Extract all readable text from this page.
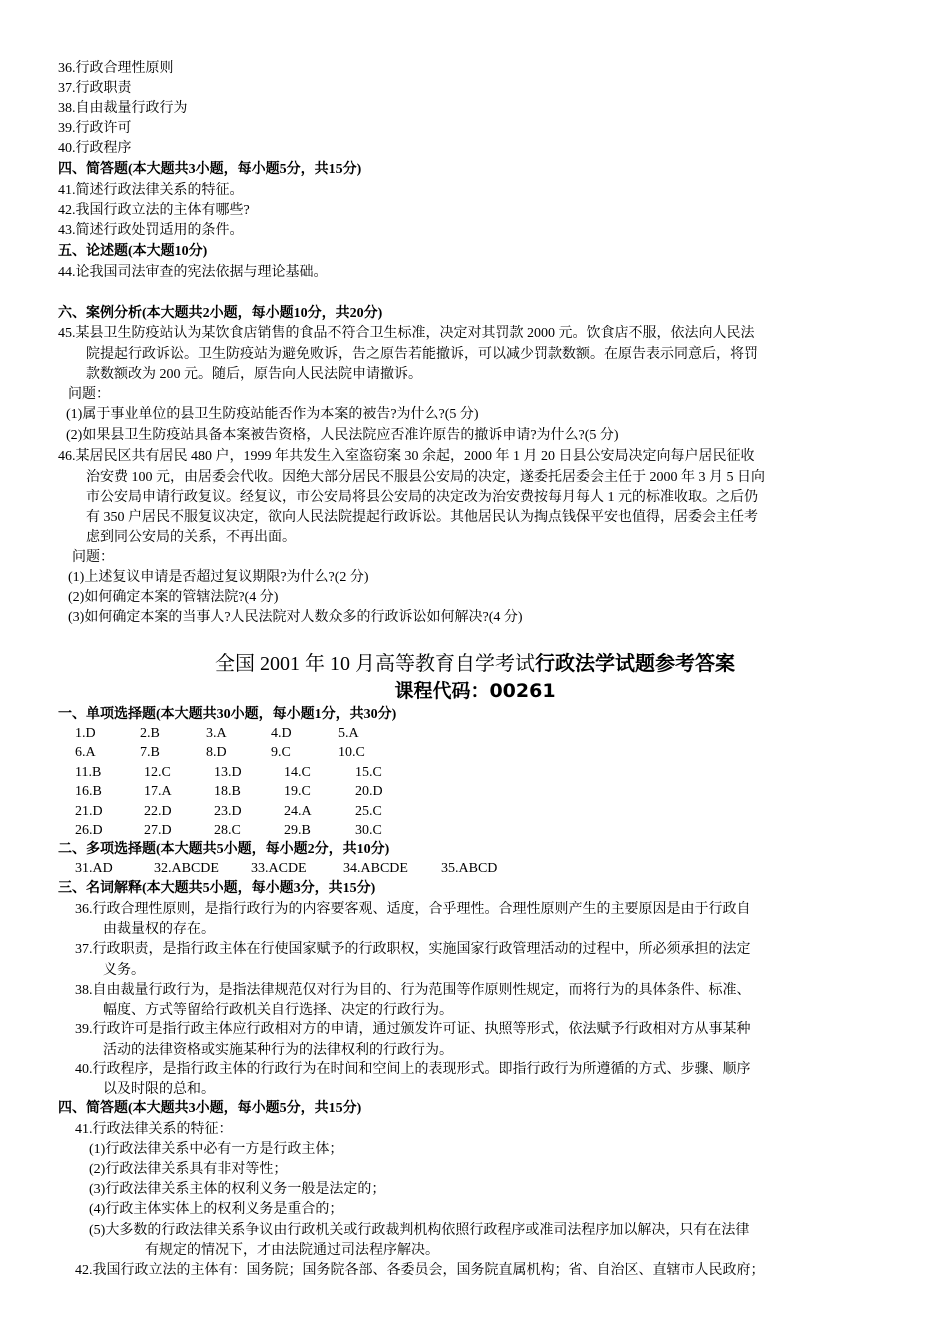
36.行政合理性原则
37.行政职责
38.自由裁量行政行为
39.行政许可
40.行政程序
四、简答题(本大题共3小题，每小题5分，共15分)
41.简述行政法律关系的特征。
42.我国行政立法的主体有哪些?
43.简述行政处罚适用的条件。
五、论述题(本大题10分)
44.论我国司法审查的宪法依据与理论基础。
六、案例分析(本大题共2小题，每小题10分，共20分)
45.某县卫生防疫站认为某饮食店销售的食品不符合卫生标准，决定对其罚款 2000 元。饮食店不服，依法向人民法
院提起行政诉讼。卫生防疫站为避免败诉，告之原告若能撤诉，可以减少罚款数额。在原告表示同意后，将罚
款数额改为 200 元。随后，原告向人民法院申请撤诉。
问题：
(1)属于事业单位的县卫生防疫站能否作为本案的被告?为什么?(5 分)
(2)如果县卫生防疫站具备本案被告资格，人民法院应否准许原告的撤诉申请?为什么?(5 分)
46.某居民区共有居民 480 户，1999 年共发生入室盗窃案 30 余起，2000 年 1 月 20 日县公安局决定向每户居民征收
治安费 100 元，由居委会代收。因绝大部分居民不服县公安局的决定，遂委托居委会主任于 2000 年 3 月 5 日向
市公安局申请行政复议。经复议，市公安局将县公安局的决定改为治安费按每月每人 1 元的标准收取。之后仍
有 350 户居民不服复议决定，欲向人民法院提起行政诉讼。其他居民认为掏点钱保平安也值得，居委会主任考
虑到同公安局的关系，不再出面。
问题：
(1)上述复议申请是否超过复议期限?为什么?(2 分)
(2)如何确定本案的管辖法院?(4 分)
(3)如何确定本案的当事人?人民法院对人数众多的行政诉讼如何解决?(4 分)
全国 2001 年 10 月高等教育自学考试行政法学试题参考答案
课程代码：00261
一、单项选择题(本大题共30小题，每小题1分，共30分)
1.D	2.B	3.A	4.D	5.A
6.A	7.B	8.D	9.C	10.C
11.B	12.C	13.D	14.C	15.C
16.B	17.A	18.B	19.C	20.D
21.D	22.D	23.D	24.A	25.C
26.D	27.D	28.C	29.B	30.C
二、多项选择题(本大题共5小题，每小题2分，共10分)
31.AD	32.ABCDE 33.ACDE	34.ABCDE 35.ABCD
三、名词解释(本大题共5小题，每小题3分，共15分)
36.行政合理性原则，是指行政行为的内容要客观、适度，合乎理性。合理性原则产生的主要原因是由于行政自
由裁量权的存在。
37.行政职责，是指行政主体在行使国家赋予的行政职权，实施国家行政管理活动的过程中，所必须承担的法定
义务。
38.自由裁量行政行为，是指法律规范仅对行为目的、行为范围等作原则性规定，而将行为的具体条件、标准、
幅度、方式等留给行政机关自行选择、决定的行政行为。
39.行政许可是指行政主体应行政相对方的申请，通过颁发许可证、执照等形式，依法赋予行政相对方从事某种
活动的法律资格或实施某种行为的法律权利的行政行为。
40.行政程序，是指行政主体的行政行为在时间和空间上的表现形式。即指行政行为所遵循的方式、步骤、顺序
以及时限的总和。
四、简答题(本大题共3小题，每小题5分，共15分)
41.行政法律关系的特征：
(1)行政法律关系中必有一方是行政主体；
(2)行政法律关系具有非对等性；
(3)行政法律关系主体的权利义务一般是法定的；
(4)行政主体实体上的权利义务是重合的；
(5)大多数的行政法律关系争议由行政机关或行政裁判机构依照行政程序或准司法程序加以解决，只有在法律
有规定的情况下，才由法院通过司法程序解决。
42.我国行政立法的主体有：国务院；国务院各部、各委员会，国务院直属机构；省、自治区、直辖市人民政府；
